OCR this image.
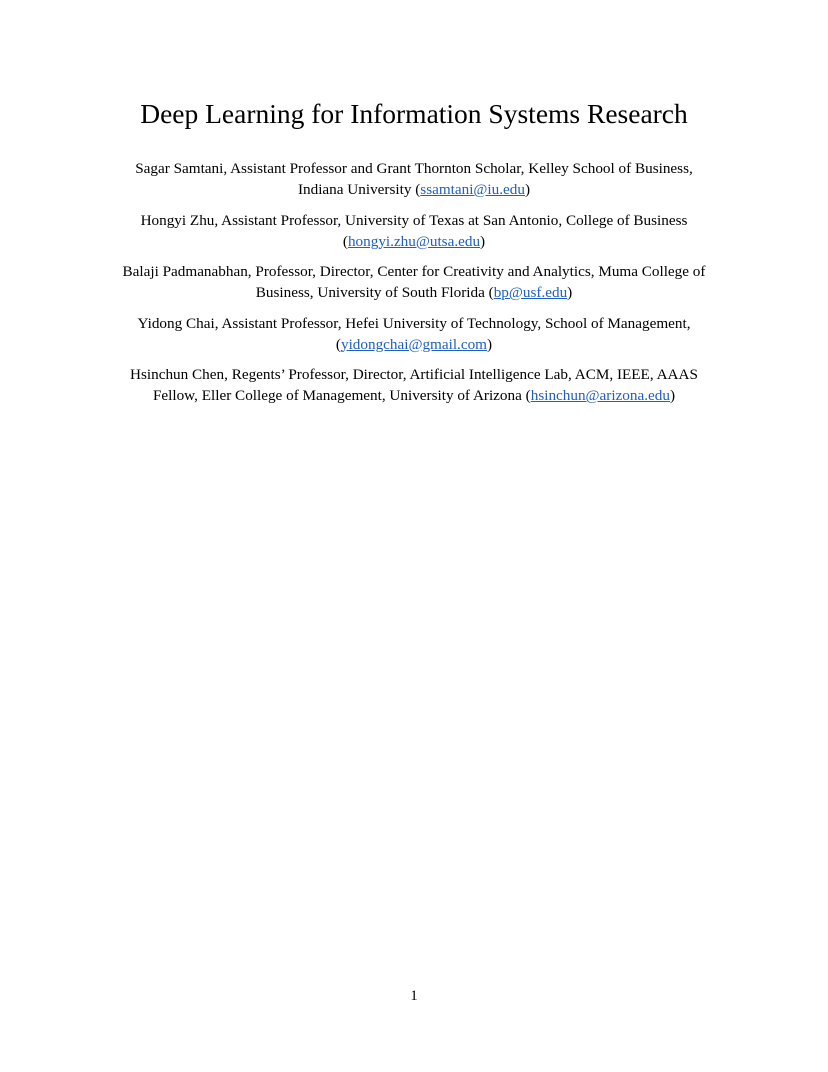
Deep Learning for Information Systems Research

Sagar Samtani, Assistant Professor and Grant Thornton Scholar, Kelley School of Business,
Indiana University (ssamtani@iu.edu)

Hongyi Zhu, Assistant Professor, University of Texas at San Antonio, College of Business
(hongyi.zhu@utsa.edu)

Balaji Padmanabhan, Professor, Director, Center for Creativity and Analytics, Muma College of
Business, University of South Florida (bp@usf.edu)

Yidong Chai, Assistant Professor, Hefei University of Technology, School of Management,
(yidongchai@gmail.com)

Hsinchun Chen, Regents’ Professor, Director, Artificial Intelligence Lab, ACM, IEEE, AAAS
Fellow, Eller College of Management, University of Arizona (hsinchun@arizona.edu)

1
